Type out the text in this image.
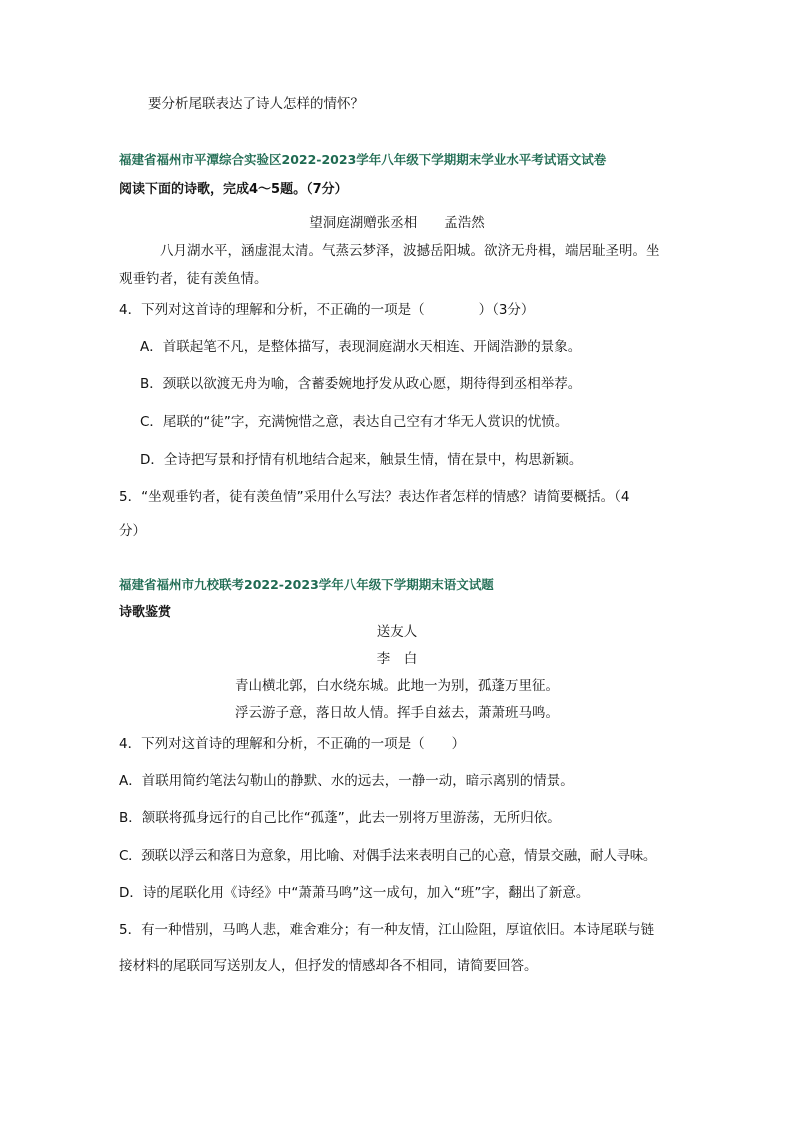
要分析尾联表达了诗人怎样的情怀？
福建省福州市平潭综合实验区2022-2023学年八年级下学期期末学业水平考试语文试卷
阅读下面的诗歌，完成4～5题。（7分）
望洞庭湖赠张丞相　　孟浩然
八月湖水平，涵虚混太清。气蒸云梦泽，波撼岳阳城。欲济无舟楫，端居耻圣明。坐
观垂钓者，徒有羡鱼情。
4．下列对这首诗的理解和分析，不正确的一项是（　　　　）（3分）
A．首联起笔不凡，是整体描写，表现洞庭湖水天相连、开阔浩渺的景象。
B．颈联以欲渡无舟为喻，含蓄委婉地抒发从政心愿，期待得到丞相举荐。
C．尾联的“徒”字，充满惋惜之意，表达自己空有才华无人赏识的忧愤。
D．全诗把写景和抒情有机地结合起来，触景生情，情在景中，构思新颖。
5．“坐观垂钓者，徒有羡鱼情”采用什么写法？表达作者怎样的情感？请简要概括。（4
分）
福建省福州市九校联考2022-2023学年八年级下学期期末语文试题
诗歌鉴赏
送友人
李　白
青山横北郭，白水绕东城。此地一为别，孤蓬万里征。
浮云游子意，落日故人情。挥手自兹去，萧萧班马鸣。
4．下列对这首诗的理解和分析，不正确的一项是（　　）
A．首联用简约笔法勾勒山的静默、水的远去，一静一动，暗示离别的情景。
B．颔联将孤身远行的自己比作“孤蓬”，此去一别将万里游荡，无所归依。
C．颈联以浮云和落日为意象，用比喻、对偶手法来表明自己的心意，情景交融，耐人寻味。
D．诗的尾联化用《诗经》中“萧萧马鸣”这一成句，加入“班”字，翻出了新意。
5．有一种惜别，马鸣人悲，难舍难分；有一种友情，江山险阻，厚谊依旧。本诗尾联与链
接材料的尾联同写送别友人，但抒发的情感却各不相同，请简要回答。
